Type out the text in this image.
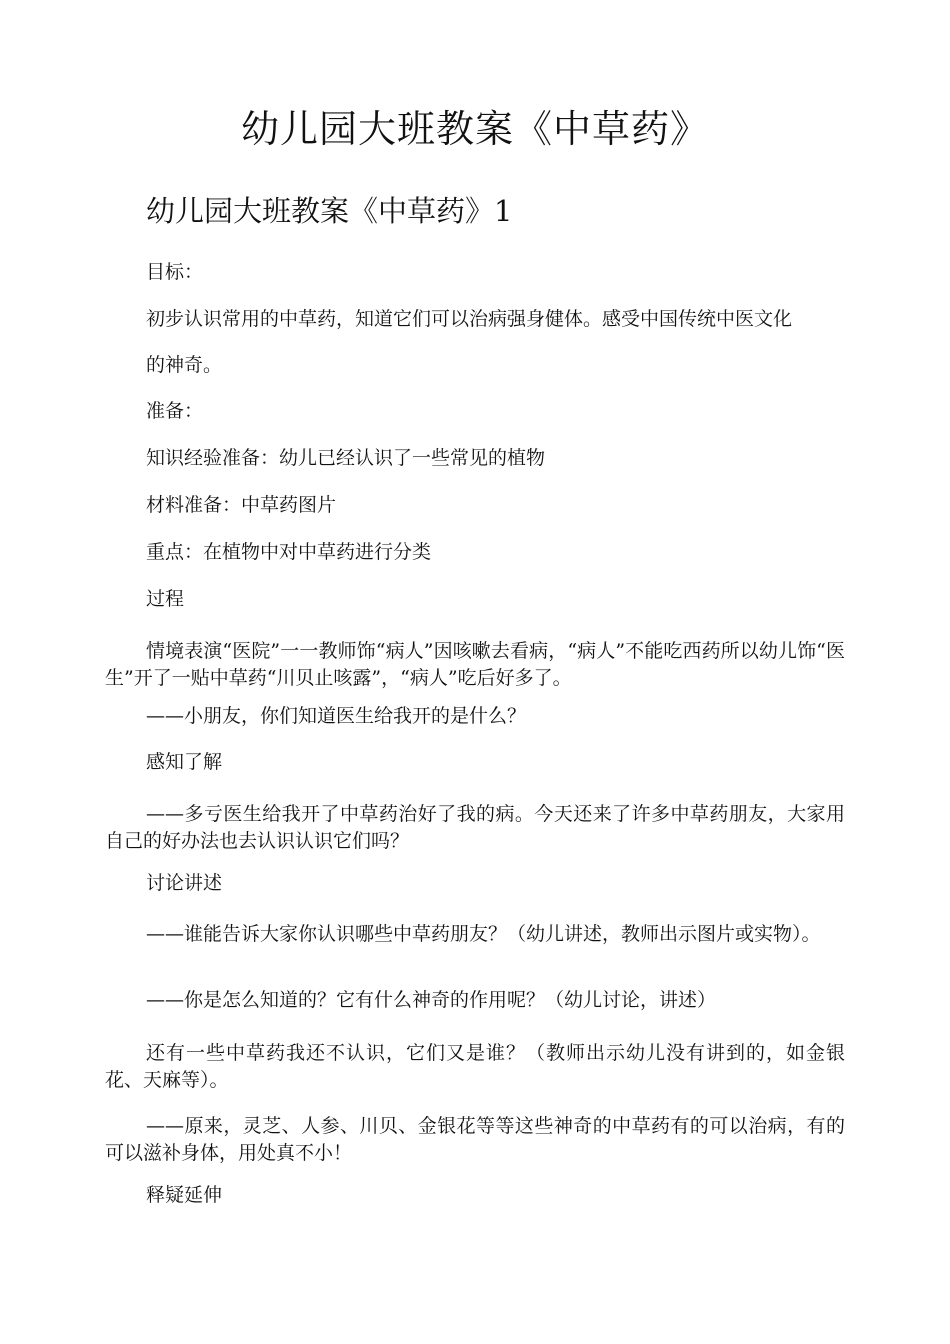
幼儿园大班教案《中草药》
幼儿园大班教案《中草药》1
目标：
初步认识常用的中草药，知道它们可以治病强身健体。感受中国传统中医文化
的神奇。
准备：
知识经验准备：幼儿已经认识了一些常见的植物
材料准备：中草药图片
重点：在植物中对中草药进行分类
过程
情境表演“医院”一一教师饰“病人”因咳嗽去看病，“病人”不能吃西药所以幼儿饰“医生”开了一贴中草药“川贝止咳露”，“病人”吃后好多了。
——小朋友，你们知道医生给我开的是什么？
感知了解
——多亏医生给我开了中草药治好了我的病。今天还来了许多中草药朋友，大家用自己的好办法也去认识认识它们吗？
讨论讲述
——谁能告诉大家你认识哪些中草药朋友？（幼儿讲述，教师出示图片或实物）。
——你是怎么知道的？它有什么神奇的作用呢？（幼儿讨论，讲述）
还有一些中草药我还不认识，它们又是谁？（教师出示幼儿没有讲到的，如金银花、天麻等）。
——原来，灵芝、人参、川贝、金银花等等这些神奇的中草药有的可以治病，有的可以滋补身体，用处真不小！
释疑延伸
